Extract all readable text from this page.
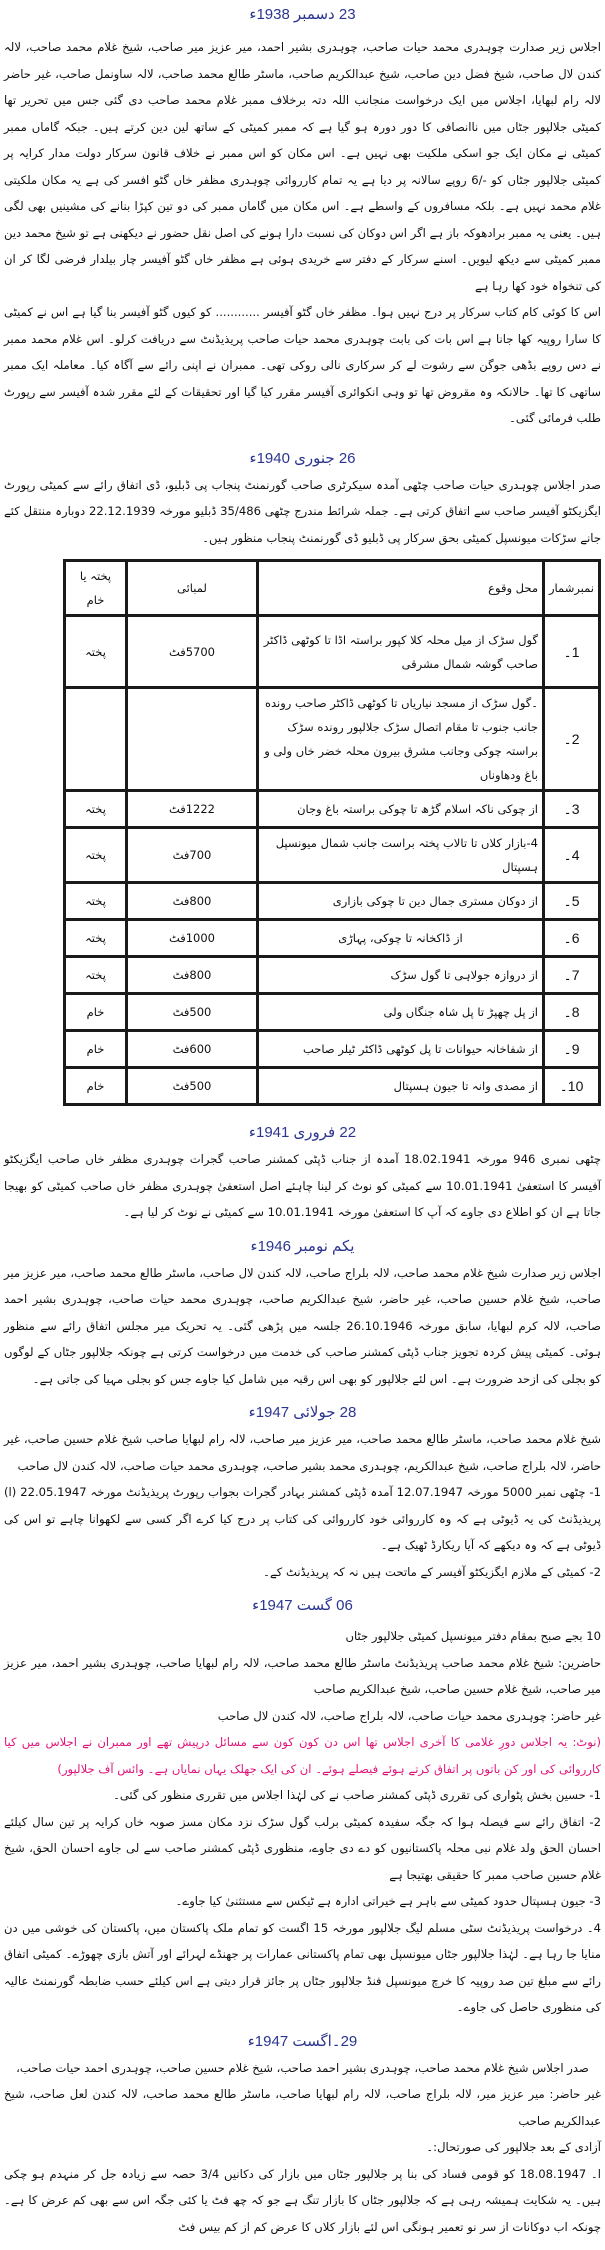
23 دسمبر 1938ء

اجلاس زیر صدارت چوہدری محمد حیات صاحب، چوہدری بشیر احمد، میر عزیز میر صاحب، شیخ غلام محمد صاحب، لالہ کندن لال صاحب، شیخ فضل دین صاحب، شیخ عبدالکریم صاحب، ماسٹر طالع محمد صاحب، لالہ ساونمل صاحب، غیر حاضر لالہ رام لبھایا، اجلاس میں ایک درخواست منجانب اللہ دتہ برخلاف ممبر غلام محمد صاحب دی گئی جس میں تحریر تھا کمیٹی جلالپور جٹاں میں ناانصافی کا دور دورہ ہو گیا ہے کہ ممبر کمیٹی کے ساتھ لین دین کرتے ہیں۔ جبکہ گاماں ممبر کمیٹی نے مکان ایک جو اسکی ملکیت بھی نہیں ہے۔ اس مکان کو اس ممبر نے خلاف قانون سرکار دولت مدار کرایہ پر کمیٹی جلالپور جٹاں کو -/6 روپے سالانہ پر دیا ہے یہ تمام کارروائی چوہدری مظفر خاں گٹو افسر کی ہے یہ مکان ملکیتی غلام محمد نہیں ہے۔ بلکہ مسافروں کے واسطے ہے۔ اس مکان میں گاماں ممبر کی دو تین کپڑا بنانے کی مشینیں بھی لگی ہیں۔ یعنی یہ ممبر برادھوکہ باز ہے اگر اس دوکان کی نسبت دارا ہونے کی اصل نقل حضور نے دیکھنی ہے تو شیخ محمد دین ممبر کمیٹی سے دیکھ لیویں۔ اسنے سرکار کے دفتر سے خریدی ہوئی ہے مظفر خاں گٹو آفیسر چار بیلدار فرضی لگا کر ان کی تنخواہ خود کھا رہا ہے

اس کا کوئی کام کتاب سرکار پر درج نہیں ہوا۔ مظفر خاں گٹو آفیسر ............ کو کیوں گٹو آفیسر بنا گیا ہے اس نے کمیٹی کا سارا روپیہ کھا جانا ہے اس بات کی بابت چوہدری محمد حیات صاحب پریذیڈنٹ سے دریافت کرلو۔ اس غلام محمد ممبر نے دس روپے بڈھی جوگن سے رشوت لے کر سرکاری نالی روکی تھی۔ ممبران نے اپنی رائے سے آگاہ کیا۔ معاملہ ایک ممبر ساتھی کا تھا۔ حالانکہ وہ مقروض تھا تو وہی انکوائری آفیسر مقرر کیا گیا اور تحقیقات کے لئے مقرر شدہ آفیسر سے رپورٹ طلب فرمائی گئی۔

26 جنوری 1940ء

صدر اجلاس چوہدری حیات صاحب چٹھی آمدہ سیکرٹری صاحب گورنمنٹ پنجاب پی ڈبلیو، ڈی اتفاق رائے سے کمیٹی رپورٹ ایگزیکٹو آفیسر صاحب سے اتفاق کرتی ہے۔ جملہ شرائط مندرج چٹھی 35/486 ڈبلیو مورخہ 22.12.1939 دوبارہ منتقل کئے جانے سڑکات میونسپل کمیٹی بحق سرکار پی ڈبلیو ڈی گورنمنٹ پنجاب منظور ہیں۔

نمبرشمار	محل وقوع	لمبائی	پختہ یا خام
1۔	گول سڑک از میل محلہ کلا کپور براستہ اڈا تا کوٹھی ڈاکٹر صاحب گوشہ شمال مشرقی	5700فٹ	پختہ
2۔	۔گول سڑک از مسجد نیاریاں تا کوٹھی ڈاکٹر صاحب رونده جانب جنوب تا مقام اتصال سڑک جلالپور رونده سڑک براستہ چوکی وجانب مشرق بیرون محلہ خضر خاں ولی و باغ ودھاوناں		
3۔	از چوکی ناکہ اسلام گڑھ تا چوکی براستہ باغ وجان	1222فٹ	پختہ
4۔	4-بازار کلاں تا تالاب پختہ براست جانب شمال میونسپل ہسپتال	700فٹ	پختہ
5۔	از دوکان مستری جمال دین تا چوکی بازاری	800فٹ	پختہ
6۔	از ڈاکخانہ تا چوکی، پہاڑی	1000فٹ	پختہ
7۔	از دروازہ جولاہی تا گول سڑک	800فٹ	پختہ
8۔	از پل چھپڑ تا پل شاہ جنگاں ولی	500فٹ	خام
9۔	از شفاخانہ حیوانات تا پل کوٹھی ڈاکٹر ٹیلر صاحب	600فٹ	خام
10۔	از مصدی وانہ تا جیون ہسپتال	500فٹ	خام
22 فروری 1941ء

چٹھی نمبری 946 مورخہ 18.02.1941 آمدہ از جناب ڈپٹی کمشنر صاحب گجرات چوہدری مظفر خاں صاحب ایگزیکٹو آفیسر کا استعفیٰ 10.01.1941 سے کمیٹی کو نوٹ کر لینا چاہئے اصل استعفیٰ چوہدری مظفر خاں صاحب کمیٹی کو بھیجا جاتا ہے ان کو اطلاع دی جاوے کہ آپ کا استعفیٰ مورخہ 10.01.1941 سے کمیٹی نے نوٹ کر لیا ہے۔

یکم نومبر 1946ء

اجلاس زیر صدارت شیخ غلام محمد صاحب، لالہ بلراج صاحب، لالہ کندن لال صاحب، ماسٹر طالع محمد صاحب، میر عزیز میر صاحب، شیخ غلام حسین صاحب، غیر حاضر، شیخ عبدالکریم صاحب، چوہدری محمد حیات صاحب، چوہدری بشیر احمد صاحب، لالہ کرم لبھایا، سابق مورخہ 26.10.1946 جلسہ میں پڑھی گئی۔ یہ تحریک میر مجلس اتفاق رائے سے منظور ہوئی۔ کمیٹی پیش کردہ تجویز جناب ڈپٹی کمشنر صاحب کی خدمت میں درخواست کرتی ہے چونکہ جلالپور جٹاں کے لوگوں کو بجلی کی ازحد ضرورت ہے۔ اس لئے جلالپور کو بھی اس رقبہ میں شامل کیا جاوے جس کو بجلی مہیا کی جاتی ہے۔

28 جولائی 1947ء

شیخ غلام محمد صاحب، ماسٹر طالع محمد صاحب، میر عزیز میر صاحب، لالہ رام لبھایا صاحب شیخ غلام حسین صاحب، غیر حاضر، لالہ بلراج صاحب، شیخ عبدالکریم، چوہدری محمد بشیر صاحب، چوہدری محمد حیات صاحب، لالہ کندن لال صاحب

1- چٹھی نمبر 5000 مورخہ 12.07.1947 آمدہ ڈپٹی کمشنر بہادر گجرات بجواب رپورٹ پریذیڈنٹ مورخہ 22.05.1947 (ا) پریذیڈنٹ کی یہ ڈیوٹی ہے کہ وہ کارروائی خود کارروائی کی کتاب پر درج کیا کرے اگر کسی سے لکھوانا چاہے تو اس کی ڈیوٹی ہے کہ وہ دیکھے کہ آیا ریکارڈ ٹھیک ہے۔

2- کمیٹی کے ملازم ایگزیکٹو آفیسر کے ماتحت ہیں نہ کہ پریذیڈنٹ کے۔

06 گست 1947ء

10 بجے صبح بمقام دفتر میونسپل کمیٹی جلالپور جٹاں

حاضرین: شیخ غلام محمد صاحب پریذیڈنٹ ماسٹر طالع محمد صاحب، لالہ رام لبھایا صاحب، چوہدری بشیر احمد، میر عزیز میر صاحب، شیخ غلام حسین صاحب، شیخ عبدالکریم صاحب

غیر حاضر: چوہدری محمد حیات صاحب، لالہ بلراج صاحب، لالہ کندن لال صاحب

(نوٹ: یہ اجلاس دورِ غلامی کا آخری اجلاس تھا اس دن کون کون سے مسائل درپیش تھے اور ممبران نے اجلاس میں کیا کارروائی کی اور کن باتوں پر اتفاق کرتے ہوئے فیصلے ہوئے۔ ان کی ایک جھلک یہاں نمایاں ہے۔ وائس آف جلالپور)

1- حسین بخش پٹواری کی تقرری ڈپٹی کمشنر صاحب نے کی لہٰذا اجلاس میں تقرری منظور کی گئی۔

2- اتفاق رائے سے فیصلہ ہوا کہ جگہ سفیدہ کمیٹی برلب گول سڑک نزد مکان مسز صوبہ خاں کرایہ پر تین سال کیلئے احسان الحق ولد غلام نبی محلہ پاکستانیوں کو دے دی جاوے، منظوری ڈپٹی کمشنر صاحب سے لی جاوے احسان الحق، شیخ غلام حسین صاحب ممبر کا حقیقی بھتیجا ہے

3- جیون ہسپتال حدود کمیٹی سے باہر ہے خیراتی ادارہ ہے ٹیکس سے مستثنیٰ کیا جاوے۔

4۔ درخواست پریذیڈنٹ سٹی مسلم لیگ جلالپور مورخہ 15 اگست کو تمام ملک پاکستان میں، پاکستان کی خوشی میں دن منایا جا رہا ہے۔ لہٰذا جلالپور جٹاں میونسپل بھی تمام پاکستانی عمارات پر جھنڈے لہرائے اور آتش بازی چھوڑے۔ کمیٹی اتفاق رائے سے مبلغ تین صد روپیہ کا خرچ میونسپل فنڈ جلالپور جٹاں پر جائز قرار دیتی ہے اس کیلئے حسب ضابطہ گورنمنٹ عالیہ کی منظوری حاصل کی جاوے۔

29۔اگست 1947ء

صدر اجلاس شیخ غلام محمد صاحب، چوہدری بشیر احمد صاحب، شیخ غلام حسین صاحب، چوہدری احمد حیات صاحب،

غیر حاضر: میر عزیز میر، لالہ بلراج صاحب، لالہ رام لبھایا صاحب، ماسٹر طالع محمد صاحب، لالہ کندن لعل صاحب، شیخ عبدالکریم صاحب

آزادی کے بعد جلالپور کی صورتحال:۔

ا۔ 18.08.1947 کو قومی فساد کی بنا پر جلالپور جٹاں میں بازار کی دکانیں 3/4 حصہ سے زیادہ جل کر منہدم ہو چکی ہیں۔ یہ شکایت ہمیشہ رہی ہے کہ جلالپور جٹاں کا بازار تنگ ہے جو کہ چھ فٹ یا کئی جگہ اس سے بھی کم عرض کا ہے۔ چونکہ اب دوکانات از سر نو تعمیر ہونگی اس لئے بازار کلاں کا عرض کم از کم بیس فٹ
